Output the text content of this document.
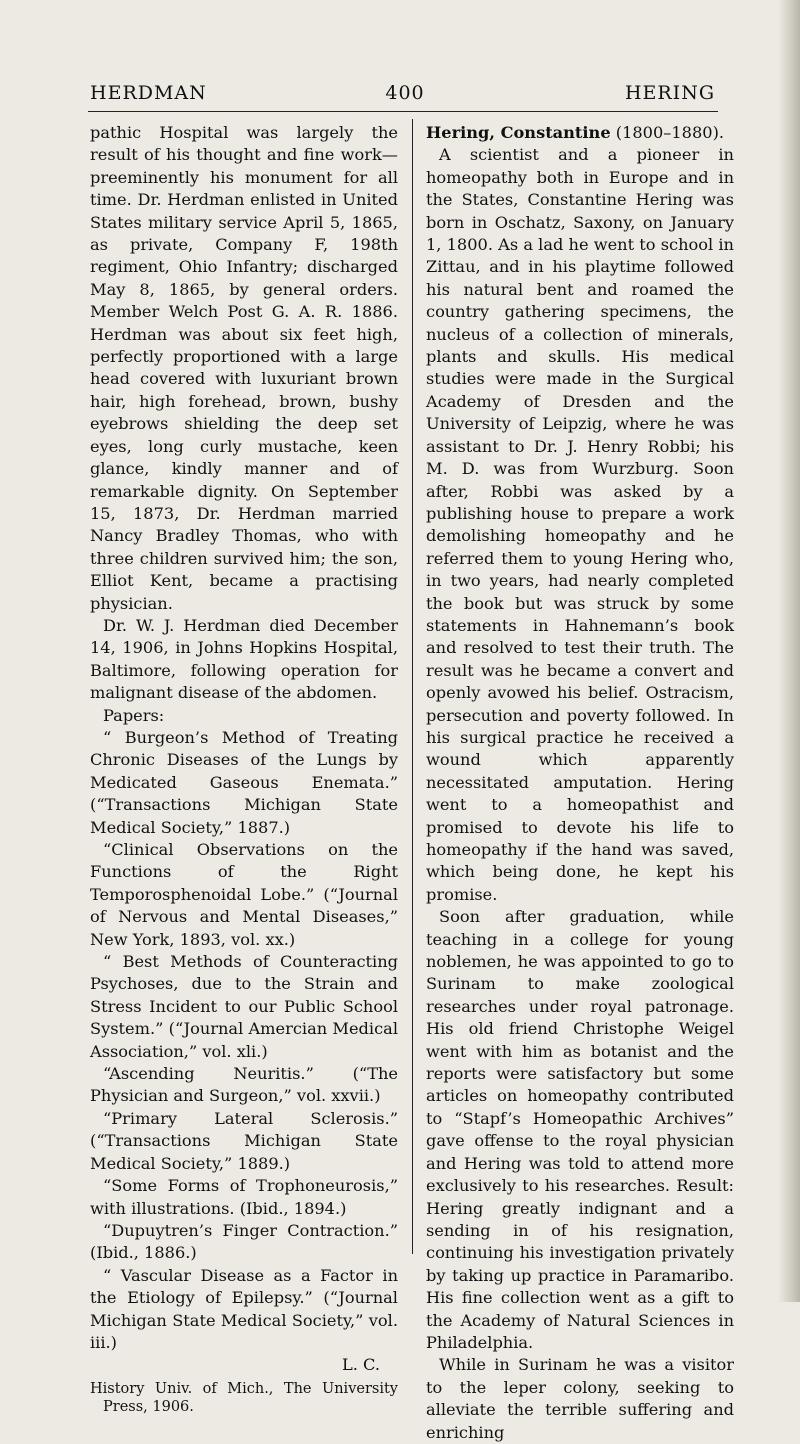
HERDMAN	400	HERING

pathic Hospital was largely the result of his thought and fine work—preeminently his monument for all time. Dr. Herdman enlisted in United States military service April 5, 1865, as private, Company F, 198th regiment, Ohio Infantry; discharged May 8, 1865, by general orders. Member Welch Post G. A. R. 1886. Herdman was about six feet high, perfectly proportioned with a large head covered with luxuriant brown hair, high forehead, brown, bushy eyebrows shielding the deep set eyes, long curly mustache, keen glance, kindly manner and of remarkable dignity. On September 15, 1873, Dr. Herdman married Nancy Bradley Thomas, who with three children survived him; the son, Elliot Kent, became a practising physician.

Dr. W. J. Herdman died December 14, 1906, in Johns Hopkins Hospital, Baltimore, following operation for malignant disease of the abdomen.

Papers:

“ Burgeon’s Method of Treating Chronic Diseases of the Lungs by Medicated Gaseous Enemata.” (“Transactions Michigan State Medical Society,” 1887.)

“Clinical Observations on the Functions of the Right Temporosphenoidal Lobe.” (“Journal of Nervous and Mental Diseases,” New York, 1893, vol. xx.)

“ Best Methods of Counteracting Psychoses, due to the Strain and Stress Incident to our Public School System.” (“Journal Amercian Medical Association,” vol. xli.)

“Ascending Neuritis.” (“The Physician and Surgeon,” vol. xxvii.)

“Primary Lateral Sclerosis.” (“Transactions Michigan State Medical Society,” 1889.)

“Some Forms of Trophoneurosis,” with illustrations. (Ibid., 1894.)

“Dupuytren’s Finger Contraction.” (Ibid., 1886.)

“ Vascular Disease as a Factor in the Etiology of Epilepsy.” (“Journal Michigan State Medical Society,” vol. iii.)

L. C.

History Univ. of Mich., The University Press, 1906.

Hering, Constantine (1800–1880).

A scientist and a pioneer in homeopathy both in Europe and in the States, Constantine Hering was born in Oschatz, Saxony, on January 1, 1800. As a lad he went to school in Zittau, and in his playtime followed his natural bent and roamed the country gathering specimens, the nucleus of a collection of minerals, plants and skulls. His medical studies were made in the Surgical Academy of Dresden and the University of Leipzig, where he was assistant to Dr. J. Henry Robbi; his M. D. was from Wurzburg. Soon after, Robbi was asked by a publishing house to prepare a work demolishing homeopathy and he referred them to young Hering who, in two years, had nearly completed the book but was struck by some statements in Hahnemann’s book and resolved to test their truth. The result was he became a convert and openly avowed his belief. Ostracism, persecution and poverty followed. In his surgical practice he received a wound which apparently necessitated amputation. Hering went to a homeopathist and promised to devote his life to homeopathy if the hand was saved, which being done, he kept his promise.

Soon after graduation, while teaching in a college for young noblemen, he was appointed to go to Surinam to make zoological researches under royal patronage. His old friend Christophe Weigel went with him as botanist and the reports were satisfactory but some articles on homeopathy contributed to “Stapf’s Homeopathic Archives” gave offense to the royal physician and Hering was told to attend more exclusively to his researches. Result: Hering greatly indignant and a sending in of his resignation, continuing his investigation privately by taking up practice in Paramaribo. His fine collection went as a gift to the Academy of Natural Sciences in Philadelphia.

While in Surinam he was a visitor to the leper colony, seeking to alleviate the terrible suffering and enriching
